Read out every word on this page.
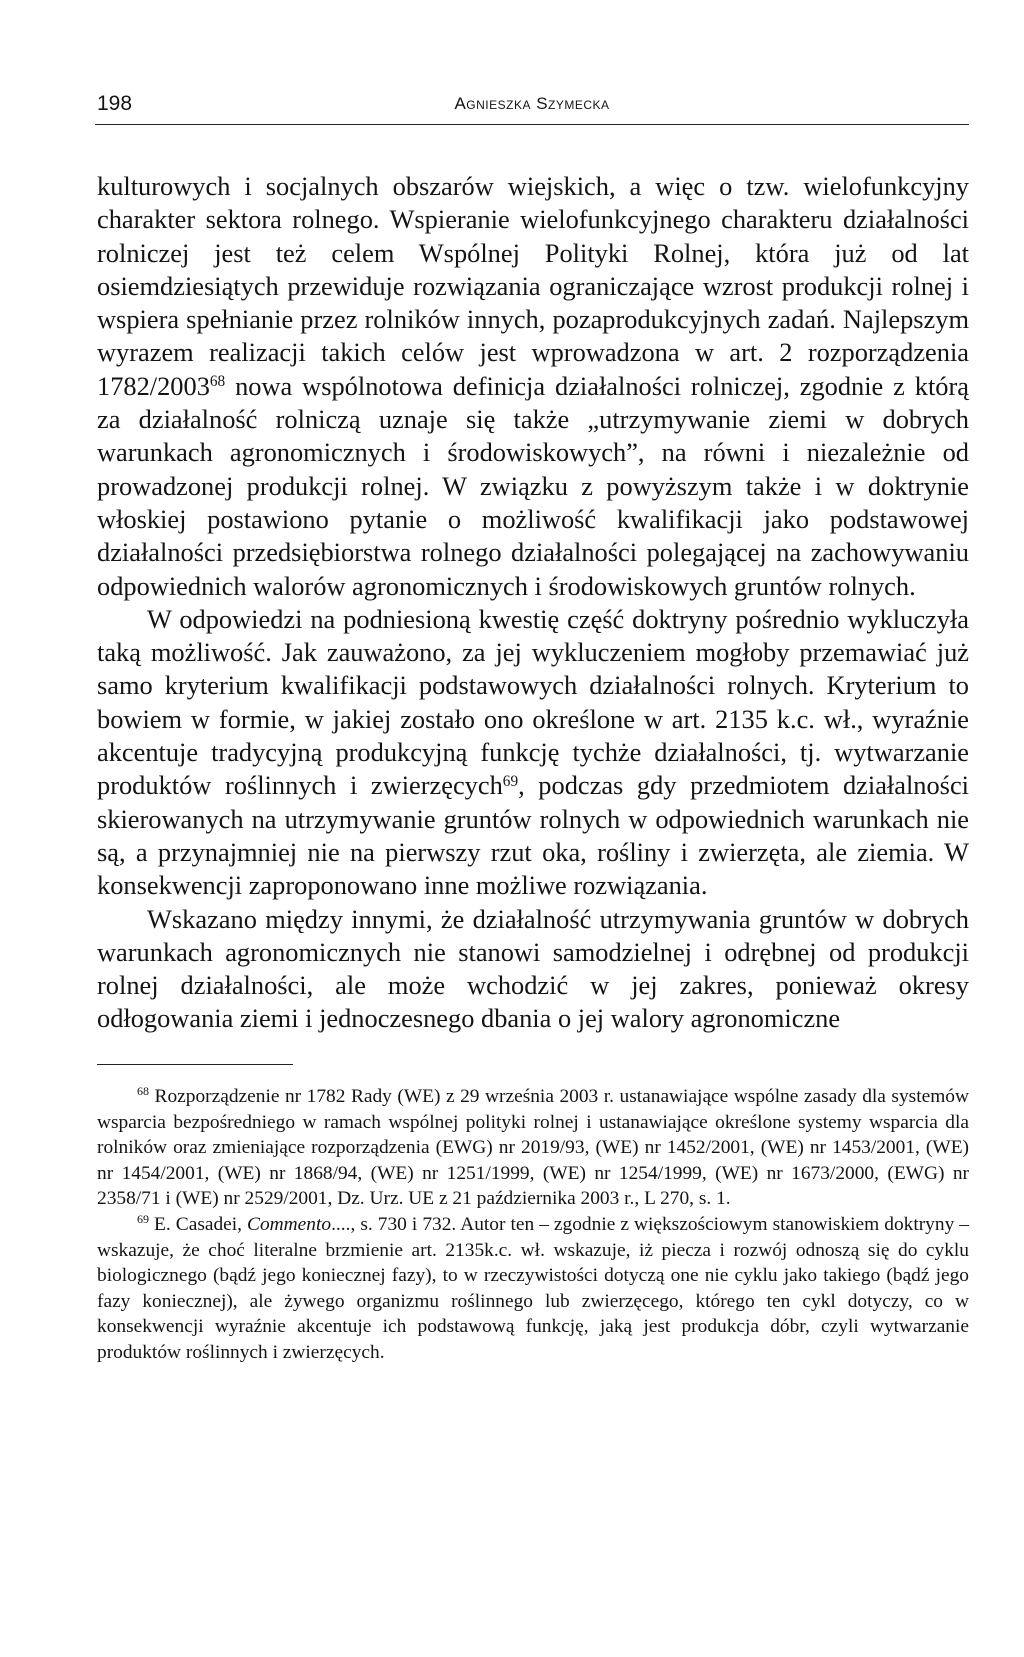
198	Agnieszka Szymecka

kulturowych i socjalnych obszarów wiejskich, a więc o tzw. wielofunkcyjny charakter sektora rolnego. Wspieranie wielofunkcyjnego charakteru działalności rolniczej jest też celem Wspólnej Polityki Rolnej, która już od lat osiemdziesiątych przewiduje rozwiązania ograniczające wzrost produkcji rolnej i wspiera spełnianie przez rolników innych, pozaprodukcyjnych zadań. Najlepszym wyrazem realizacji takich celów jest wprowadzona w art. 2 rozporządzenia 1782/2003$^{68}$ nowa wspólnotowa definicja działalności rolniczej, zgodnie z którą za działalność rolniczą uznaje się także „utrzymywanie ziemi w dobrych warunkach agronomicznych i środowiskowych”, na równi i niezależnie od prowadzonej produkcji rolnej. W związku z powyższym także i w doktrynie włoskiej postawiono pytanie o możliwość kwalifikacji jako podstawowej działalności przedsiębiorstwa rolnego działalności polegającej na zachowywaniu odpowiednich walorów agronomicznych i środowiskowych gruntów rolnych.

W odpowiedzi na podniesioną kwestię część doktryny pośrednio wykluczyła taką możliwość. Jak zauważono, za jej wykluczeniem mogłoby przemawiać już samo kryterium kwalifikacji podstawowych działalności rolnych. Kryterium to bowiem w formie, w jakiej zostało ono określone w art. 2135 k.c. wł., wyraźnie akcentuje tradycyjną produkcyjną funkcję tychże działalności, tj. wytwarzanie produktów roślinnych i zwierzęcych$^{69}$, podczas gdy przedmiotem działalności skierowanych na utrzymywanie gruntów rolnych w odpowiednich warunkach nie są, a przynajmniej nie na pierwszy rzut oka, rośliny i zwierzęta, ale ziemia. W konsekwencji zaproponowano inne możliwe rozwiązania.

Wskazano między innymi, że działalność utrzymywania gruntów w dobrych warunkach agronomicznych nie stanowi samodzielnej i odrębnej od produkcji rolnej działalności, ale może wchodzić w jej zakres, ponieważ okresy odłogowania ziemi i jednoczesnego dbania o jej walory agronomiczne

$^{68}$ Rozporządzenie nr 1782 Rady (WE) z 29 września 2003 r. ustanawiające wspólne zasady dla systemów wsparcia bezpośredniego w ramach wspólnej polityki rolnej i ustanawiające określone systemy wsparcia dla rolników oraz zmieniające rozporządzenia (EWG) nr 2019/93, (WE) nr 1452/2001, (WE) nr 1453/2001, (WE) nr 1454/2001, (WE) nr 1868/94, (WE) nr 1251/1999, (WE) nr 1254/1999, (WE) nr 1673/2000, (EWG) nr 2358/71 i (WE) nr 2529/2001, Dz. Urz. UE z 21 października 2003 r., L 270, s. 1.

$^{69}$ E. Casadei, Commento...., s. 730 i 732. Autor ten – zgodnie z większościowym stanowiskiem doktryny – wskazuje, że choć literalne brzmienie art. 2135k.c. wł. wskazuje, iż piecza i rozwój odnoszą się do cyklu biologicznego (bądź jego koniecznej fazy), to w rzeczywistości dotyczą one nie cyklu jako takiego (bądź jego fazy koniecznej), ale żywego organizmu roślinnego lub zwierzęcego, którego ten cykl dotyczy, co w konsekwencji wyraźnie akcentuje ich podstawową funkcję, jaką jest produkcja dóbr, czyli wytwarzanie produktów roślinnych i zwierzęcych.
